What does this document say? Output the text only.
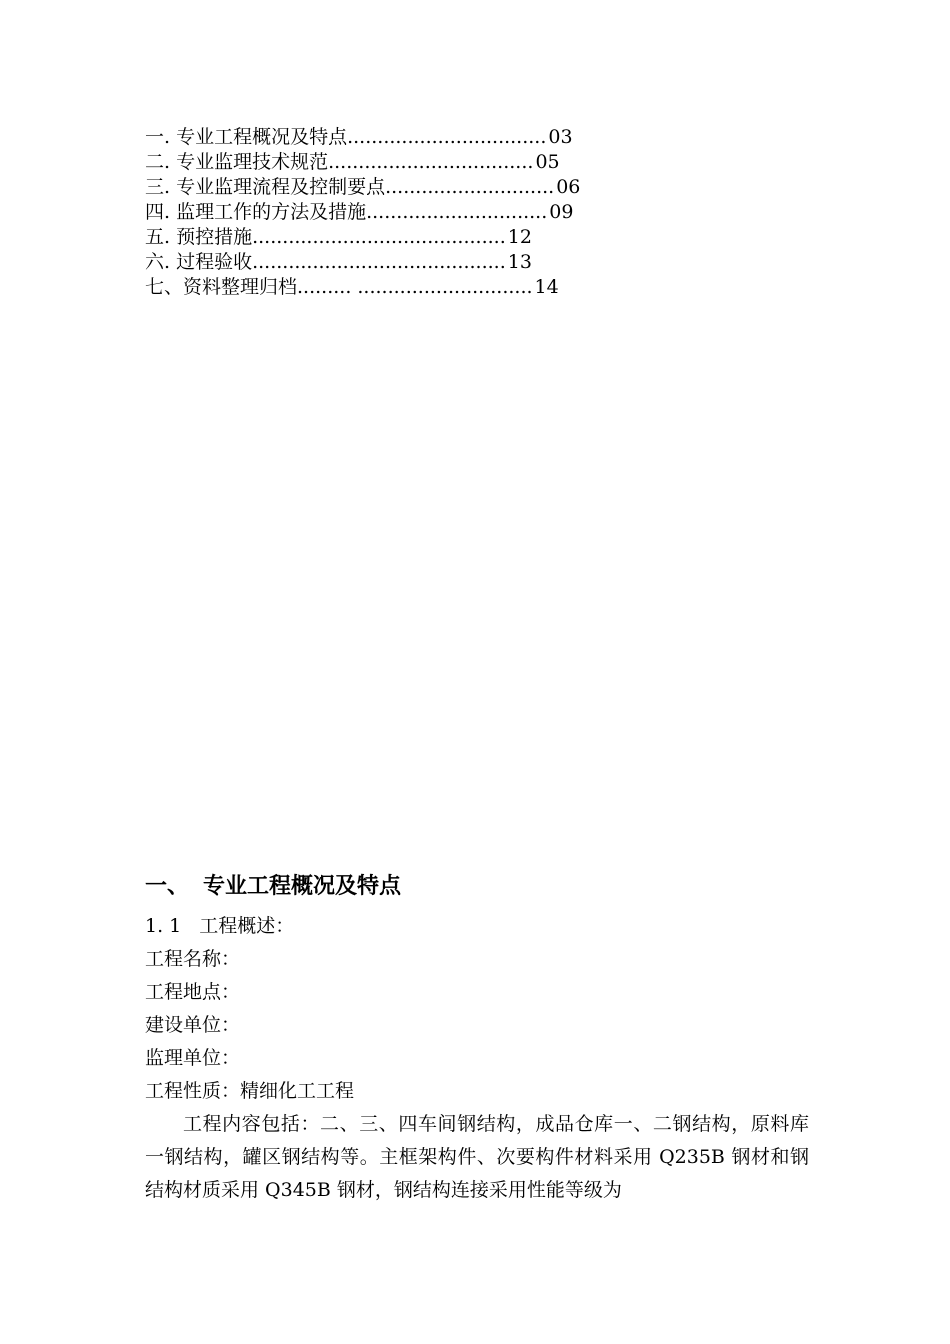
一. 专业工程概况及特点................................. 03
二. 专业监理技术规范.................................. 05
三. 专业监理流程及控制要点............................ 06
四. 监理工作的方法及措施.............................. 09
五. 预控措施.......................................... 12
六. 过程验收.......................................... 13
七、资料整理归档......... ............................. 14
一、 专业工程概况及特点
1. 1 工程概述：
工程名称：
工程地点：
建设单位：
监理单位：
工程性质：精细化工工程

工程内容包括：二、三、四车间钢结构，成品仓库一、二钢结构，原料库一钢结构，罐区钢结构等。主框架构件、次要构件材料采用 Q235B 钢材和钢结构材质采用 Q345B 钢材，钢结构连接采用性能等级为
